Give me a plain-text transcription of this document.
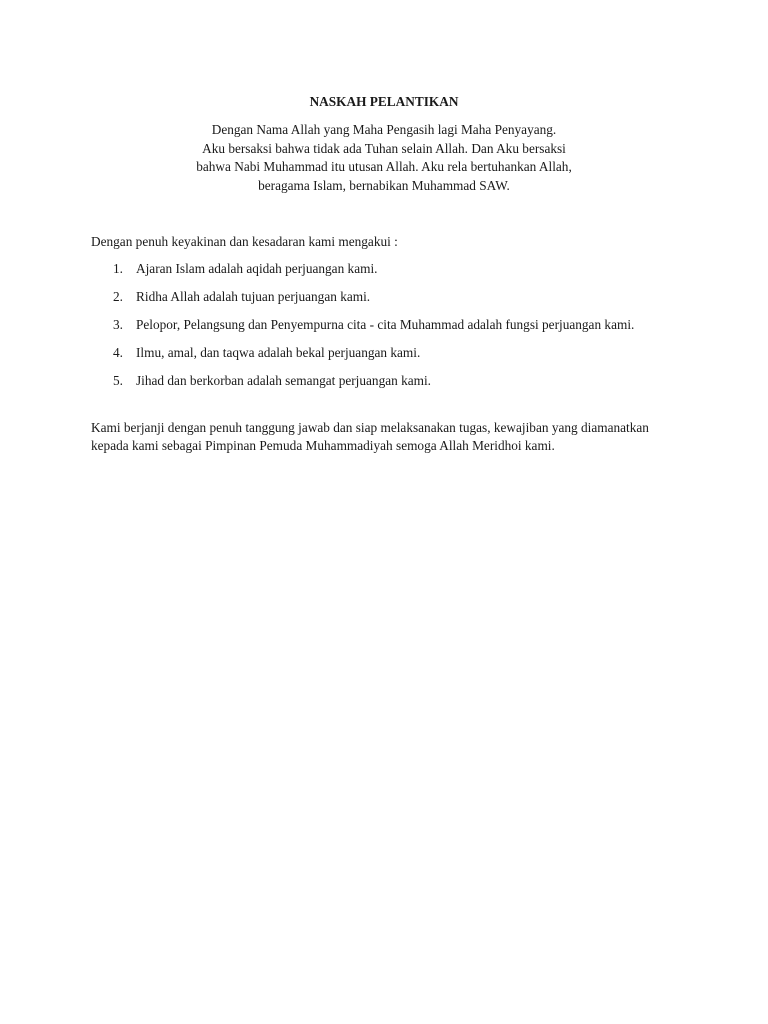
NASKAH PELANTIKAN
Dengan Nama Allah yang Maha Pengasih lagi Maha Penyayang.
Aku bersaksi bahwa tidak ada Tuhan selain Allah. Dan Aku bersaksi
bahwa Nabi Muhammad itu utusan Allah. Aku rela bertuhankan Allah,
beragama Islam, bernabikan Muhammad SAW.
Dengan penuh keyakinan dan kesadaran kami mengakui :
1. Ajaran Islam adalah aqidah perjuangan kami.
2. Ridha Allah adalah tujuan perjuangan kami.
3. Pelopor, Pelangsung dan Penyempurna cita - cita Muhammad adalah fungsi perjuangan kami.
4. Ilmu, amal, dan taqwa adalah bekal perjuangan kami.
5. Jihad dan berkorban adalah semangat perjuangan kami.
Kami berjanji dengan penuh tanggung jawab dan siap melaksanakan tugas, kewajiban yang diamanatkan kepada kami sebagai Pimpinan Pemuda Muhammadiyah semoga Allah Meridhoi kami.
